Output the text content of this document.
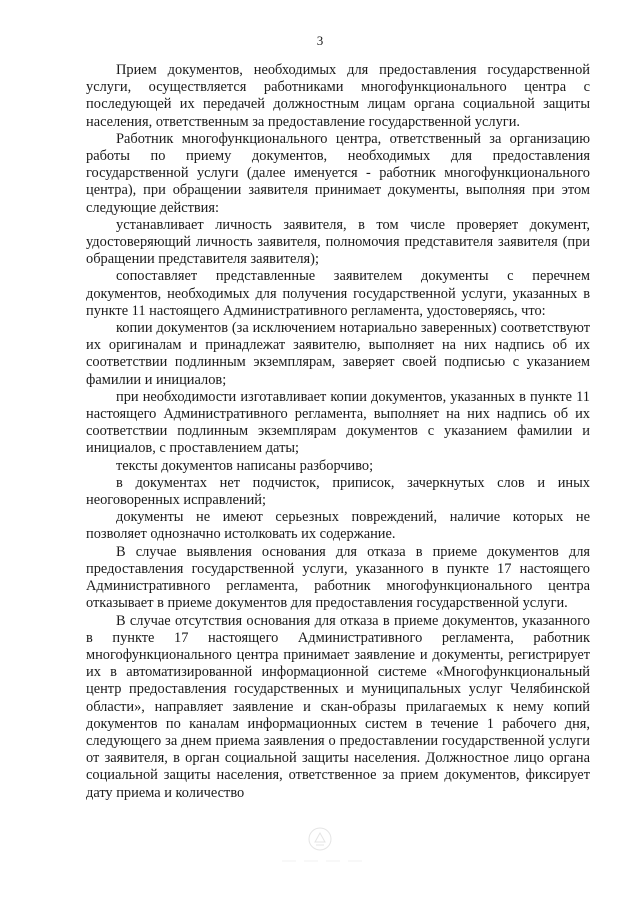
3

Прием документов, необходимых для предоставления государственной услуги, осуществляется работниками многофункционального центра с последующей их передачей должностным лицам органа социальной защиты населения, ответственным за предоставление государственной услуги.

Работник многофункционального центра, ответственный за организацию работы по приему документов, необходимых для предоставления государственной услуги (далее именуется - работник многофункционального центра), при обращении заявителя принимает документы, выполняя при этом следующие действия:

устанавливает личность заявителя, в том числе проверяет документ, удостоверяющий личность заявителя, полномочия представителя заявителя (при обращении представителя заявителя);

сопоставляет представленные заявителем документы с перечнем документов, необходимых для получения государственной услуги, указанных в пункте 11 настоящего Административного регламента, удостоверяясь, что:

копии документов (за исключением нотариально заверенных) соответствуют их оригиналам и принадлежат заявителю, выполняет на них надпись об их соответствии подлинным экземплярам, заверяет своей подписью с указанием фамилии и инициалов;

при необходимости изготавливает копии документов, указанных в пункте 11 настоящего Административного регламента, выполняет на них надпись об их соответствии подлинным экземплярам документов с указанием фамилии и инициалов, с проставлением даты;

тексты документов написаны разборчиво;

в документах нет подчисток, приписок, зачеркнутых слов и иных неоговоренных исправлений;

документы не имеют серьезных повреждений, наличие которых не позволяет однозначно истолковать их содержание.

В случае выявления основания для отказа в приеме документов для предоставления государственной услуги, указанного в пункте 17 настоящего Административного регламента, работник многофункционального центра отказывает в приеме документов для предоставления государственной услуги.

В случае отсутствия основания для отказа в приеме документов, указанного в пункте 17 настоящего Административного регламента, работник многофункционального центра принимает заявление и документы, регистрирует их в автоматизированной информационной системе «Многофункциональный центр предоставления государственных и муниципальных услуг Челябинской области», направляет заявление и скан-образы прилагаемых к нему копий документов по каналам информационных систем в течение 1 рабочего дня, следующего за днем приема заявления о предоставлении государственной услуги от заявителя, в орган социальной защиты населения. Должностное лицо органа социальной защиты населения, ответственное за прием документов, фиксирует дату приема и количество
